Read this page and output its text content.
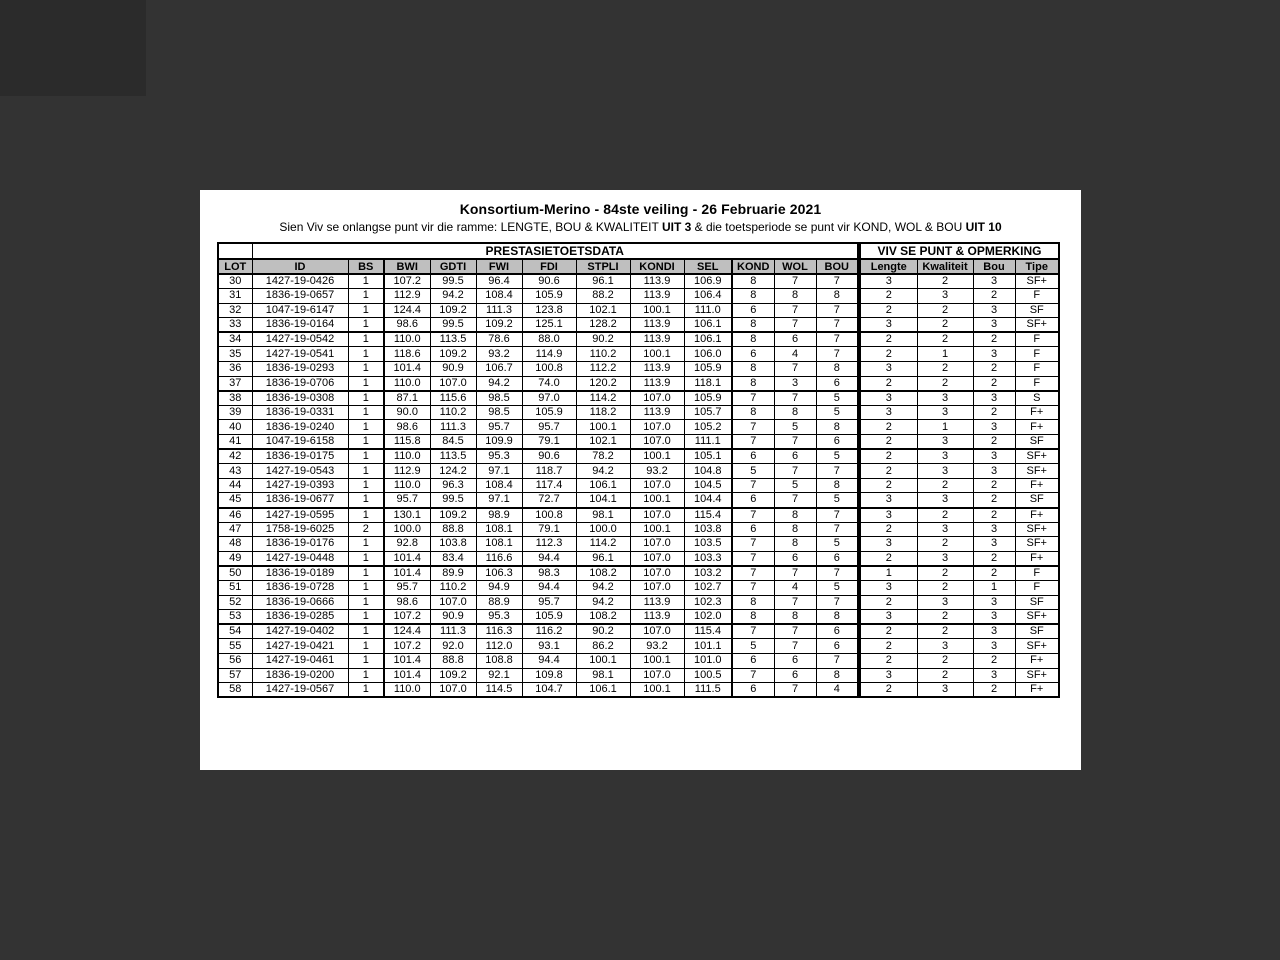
Konsortium-Merino - 84ste veiling - 26 Februarie 2021
Sien Viv se onlangse punt vir die ramme: LENGTE, BOU & KWALITEIT UIT 3 & die toetsperiode se punt vir KOND, WOL & BOU UIT 10
	PRESTASIETOETSDATA												VIV SE PUNT & OPMERKING			
LOT	ID	BS	BWI	GDTI	FWI	FDI	STPLI	KONDI	SEL	KOND	WOL	BOU	Lengte	Kwaliteit	Bou	Tipe
30	1427-19-0426	1	107.2	99.5	96.4	90.6	96.1	113.9	106.9	8	7	7	3	2	3	SF+
31	1836-19-0657	1	112.9	94.2	108.4	105.9	88.2	113.9	106.4	8	8	8	2	3	2	F
32	1047-19-6147	1	124.4	109.2	111.3	123.8	102.1	100.1	111.0	6	7	7	2	2	3	SF
33	1836-19-0164	1	98.6	99.5	109.2	125.1	128.2	113.9	106.1	8	7	7	3	2	3	SF+
34	1427-19-0542	1	110.0	113.5	78.6	88.0	90.2	113.9	106.1	8	6	7	2	2	2	F
35	1427-19-0541	1	118.6	109.2	93.2	114.9	110.2	100.1	106.0	6	4	7	2	1	3	F
36	1836-19-0293	1	101.4	90.9	106.7	100.8	112.2	113.9	105.9	8	7	8	3	2	2	F
37	1836-19-0706	1	110.0	107.0	94.2	74.0	120.2	113.9	118.1	8	3	6	2	2	2	F
38	1836-19-0308	1	87.1	115.6	98.5	97.0	114.2	107.0	105.9	7	7	5	3	3	3	S
39	1836-19-0331	1	90.0	110.2	98.5	105.9	118.2	113.9	105.7	8	8	5	3	3	2	F+
40	1836-19-0240	1	98.6	111.3	95.7	95.7	100.1	107.0	105.2	7	5	8	2	1	3	F+
41	1047-19-6158	1	115.8	84.5	109.9	79.1	102.1	107.0	111.1	7	7	6	2	3	2	SF
42	1836-19-0175	1	110.0	113.5	95.3	90.6	78.2	100.1	105.1	6	6	5	2	3	3	SF+
43	1427-19-0543	1	112.9	124.2	97.1	118.7	94.2	93.2	104.8	5	7	7	2	3	3	SF+
44	1427-19-0393	1	110.0	96.3	108.4	117.4	106.1	107.0	104.5	7	5	8	2	2	2	F+
45	1836-19-0677	1	95.7	99.5	97.1	72.7	104.1	100.1	104.4	6	7	5	3	3	2	SF
46	1427-19-0595	1	130.1	109.2	98.9	100.8	98.1	107.0	115.4	7	8	7	3	2	2	F+
47	1758-19-6025	2	100.0	88.8	108.1	79.1	100.0	100.1	103.8	6	8	7	2	3	3	SF+
48	1836-19-0176	1	92.8	103.8	108.1	112.3	114.2	107.0	103.5	7	8	5	3	2	3	SF+
49	1427-19-0448	1	101.4	83.4	116.6	94.4	96.1	107.0	103.3	7	6	6	2	3	2	F+
50	1836-19-0189	1	101.4	89.9	106.3	98.3	108.2	107.0	103.2	7	7	7	1	2	2	F
51	1836-19-0728	1	95.7	110.2	94.9	94.4	94.2	107.0	102.7	7	4	5	3	2	1	F
52	1836-19-0666	1	98.6	107.0	88.9	95.7	94.2	113.9	102.3	8	7	7	2	3	3	SF
53	1836-19-0285	1	107.2	90.9	95.3	105.9	108.2	113.9	102.0	8	8	8	3	2	3	SF+
54	1427-19-0402	1	124.4	111.3	116.3	116.2	90.2	107.0	115.4	7	7	6	2	2	3	SF
55	1427-19-0421	1	107.2	92.0	112.0	93.1	86.2	93.2	101.1	5	7	6	2	3	3	SF+
56	1427-19-0461	1	101.4	88.8	108.8	94.4	100.1	100.1	101.0	6	6	7	2	2	2	F+
57	1836-19-0200	1	101.4	109.2	92.1	109.8	98.1	107.0	100.5	7	6	8	3	2	3	SF+
58	1427-19-0567	1	110.0	107.0	114.5	104.7	106.1	100.1	111.5	6	7	4	2	3	2	F+
